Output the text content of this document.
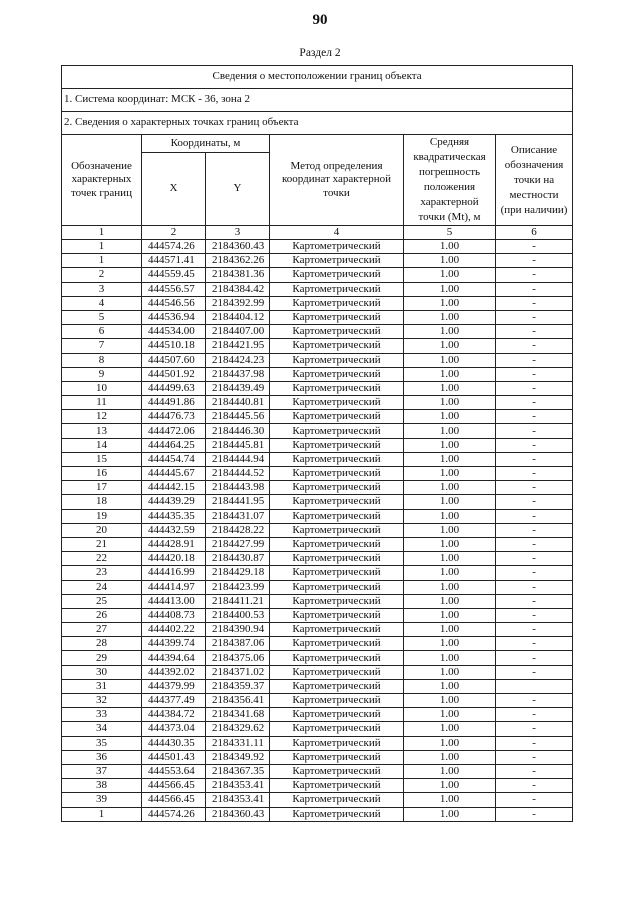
90
Раздел 2
Сведения о местоположении границ объекта					
1. Система координат: МСК - 36, зона 2					
2. Сведения о характерных точках границ объекта					
Обозначение характерных точек границ	Координаты, м		Метод определения координат характерной точки	Средняя квадратическая погрешность положения характерной точки (Mt), м	Описание обозначения точки на местности (при наличии)
	X	Y			
1	2	3	4	5	6
1	444574.26	2184360.43	Картометрический	1.00	-
1	444571.41	2184362.26	Картометрический	1.00	-
2	444559.45	2184381.36	Картометрический	1.00	-
3	444556.57	2184384.42	Картометрический	1.00	-
4	444546.56	2184392.99	Картометрический	1.00	-
5	444536.94	2184404.12	Картометрический	1.00	-
6	444534.00	2184407.00	Картометрический	1.00	-
7	444510.18	2184421.95	Картометрический	1.00	-
8	444507.60	2184424.23	Картометрический	1.00	-
9	444501.92	2184437.98	Картометрический	1.00	-
10	444499.63	2184439.49	Картометрический	1.00	-
11	444491.86	2184440.81	Картометрический	1.00	-
12	444476.73	2184445.56	Картометрический	1.00	-
13	444472.06	2184446.30	Картометрический	1.00	-
14	444464.25	2184445.81	Картометрический	1.00	-
15	444454.74	2184444.94	Картометрический	1.00	-
16	444445.67	2184444.52	Картометрический	1.00	-
17	444442.15	2184443.98	Картометрический	1.00	-
18	444439.29	2184441.95	Картометрический	1.00	-
19	444435.35	2184431.07	Картометрический	1.00	-
20	444432.59	2184428.22	Картометрический	1.00	-
21	444428.91	2184427.99	Картометрический	1.00	-
22	444420.18	2184430.87	Картометрический	1.00	-
23	444416.99	2184429.18	Картометрический	1.00	-
24	444414.97	2184423.99	Картометрический	1.00	-
25	444413.00	2184411.21	Картометрический	1.00	-
26	444408.73	2184400.53	Картометрический	1.00	-
27	444402.22	2184390.94	Картометрический	1.00	-
28	444399.74	2184387.06	Картометрический	1.00	-
29	444394.64	2184375.06	Картометрический	1.00	-
30	444392.02	2184371.02	Картометрический	1.00	-
31	444379.99	2184359.37	Картометрический	1.00	
32	444377.49	2184356.41	Картометрический	1.00	-
33	444384.72	2184341.68	Картометрический	1.00	-
34	444373.04	2184329.62	Картометрический	1.00	-
35	444430.35	2184331.11	Картометрический	1.00	-
36	444501.43	2184349.92	Картометрический	1.00	-
37	444553.64	2184367.35	Картометрический	1.00	-
38	444566.45	2184353.41	Картометрический	1.00	-
39	444566.45	2184353.41	Картометрический	1.00	-
1	444574.26	2184360.43	Картометрический	1.00	-
